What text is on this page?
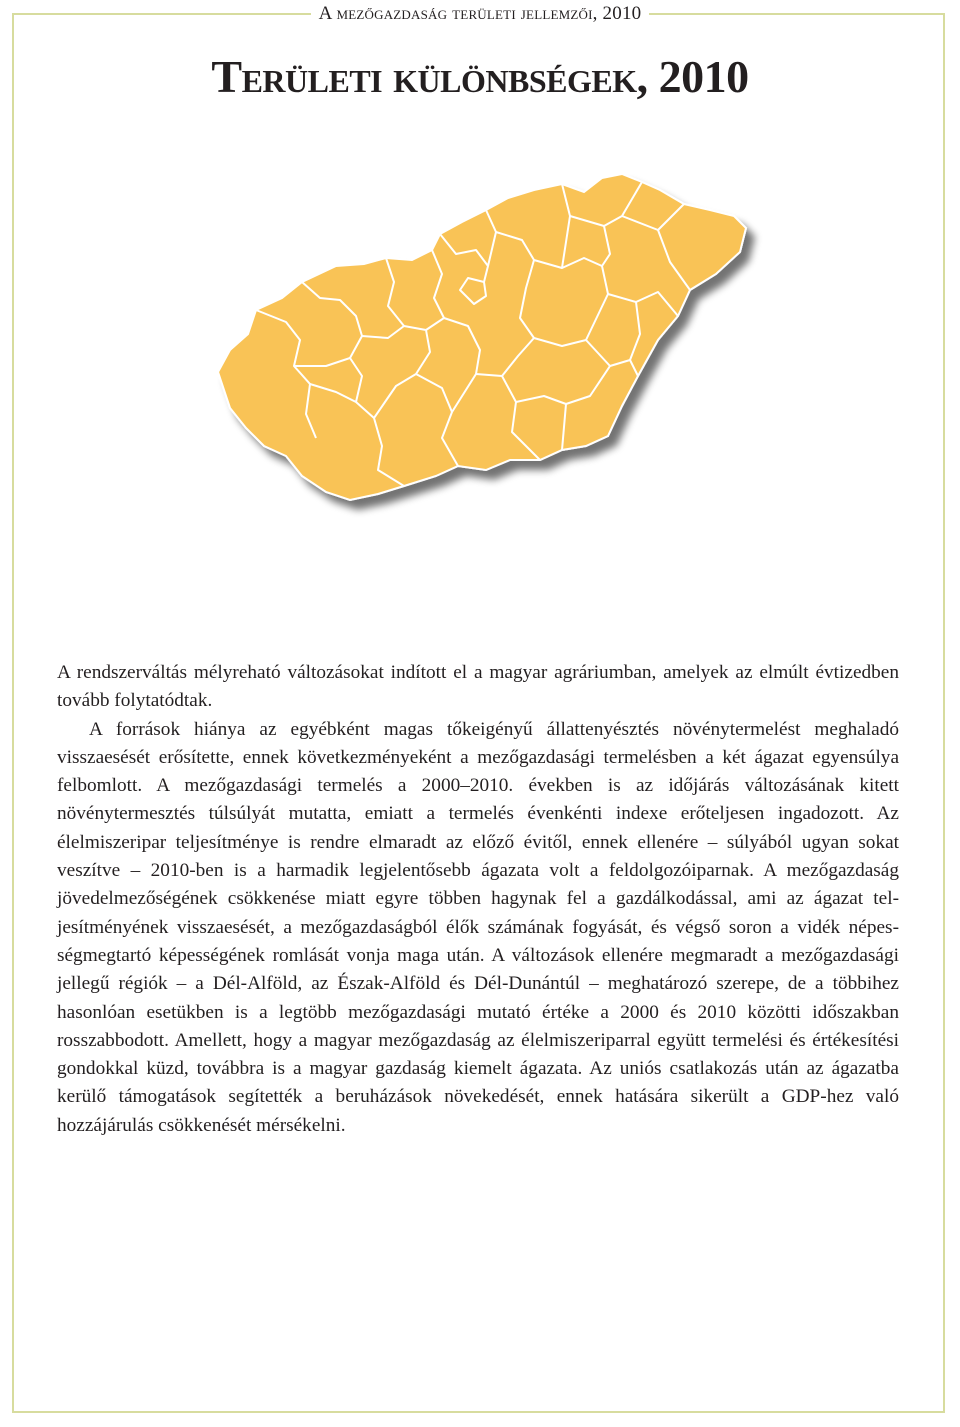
A mezőgazdaság területi jellemzői, 2010
Területi különbségek, 2010

A rendszerváltás mélyreható változásokat indított el a magyar agráriumban, amelyek az elmúlt évtizedben tovább folytatódtak.

A források hiánya az egyébként magas tőkeigényű állattenyésztés növénytermelést meghaladó visszaesését erősítette, ennek következményeként a mezőgazdasági termelésben a két ágazat egyensúlya felbomlott. A mezőgazdasági termelés a 2000–2010. években is az időjárás változásának kitett növénytermesztés túlsúlyát mutatta, emiatt a termelés évenkénti indexe erőteljesen ingadozott. Az élelmiszeripar teljesítménye is rendre elmaradt az előző évitől, ennek ellenére – súlyából ugyan sokat veszítve – 2010-ben is a harmadik legjelentősebb ágazata volt a feldolgozóiparnak. A mezőgazdaság jövedelmezőségének csökkenése miatt egyre többen hagynak fel a gazdálkodással, ami az ágazat teljesítményének visszaesését, a mezőgazdaságból élők számának fogyását, és végső soron a vidék népességmegtartó képességének romlását vonja maga után. A változások ellenére megmaradt a mezőgazdasági jellegű régiók – a Dél-Alföld, az Észak-Alföld és Dél-Dunántúl – meghatározó szerepe, de a többihez hasonlóan esetükben is a legtöbb mezőgazdasági mutató értéke a 2000 és 2010 közötti időszakban rosszabbodott. Amellett, hogy a magyar mezőgazdaság az élelmiszeriparral együtt termelési és értékesítési gondokkal küzd, továbbra is a magyar gazdaság kiemelt ágazata. Az uniós csatlakozás után az ágazatba kerülő támogatások segítették a beruházások növekedését, ennek hatására sikerült a GDP-hez való hozzájárulás csökkenését mérsékelni.
